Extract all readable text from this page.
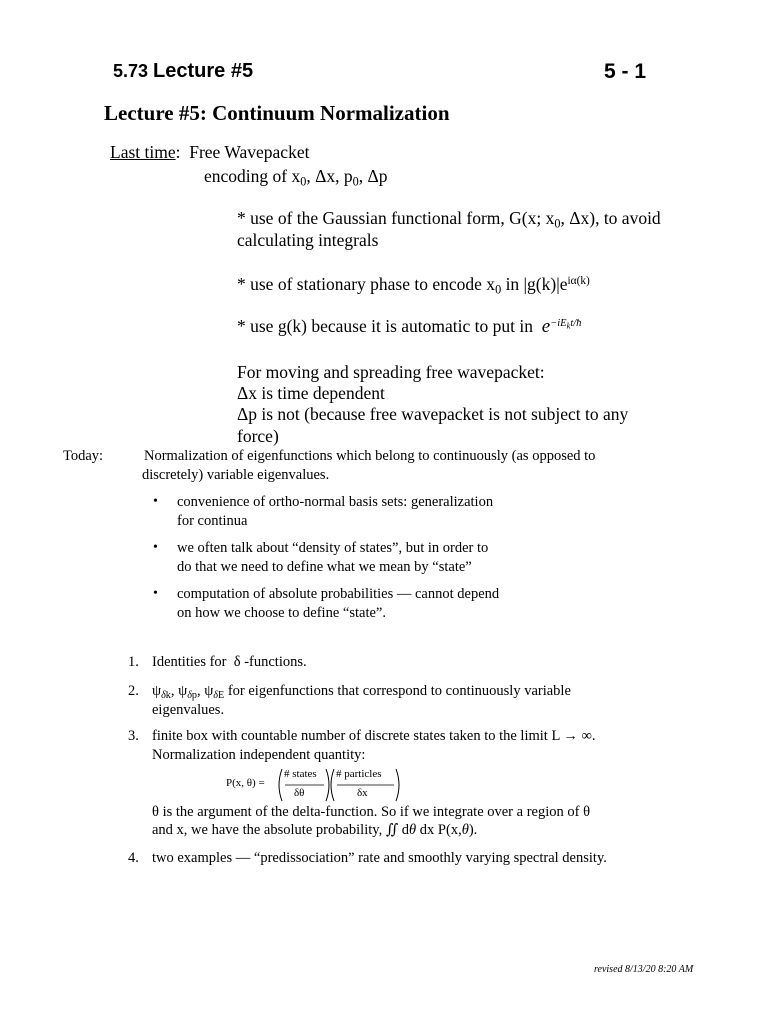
5.73 Lecture #5	5 - 1
Lecture #5: Continuum Normalization
Last time: Free Wavepacket
encoding of $x_0$, Δx, $p_0$, Δp
* use of the Gaussian functional form, G(x; $x_0$, Δx), to avoid
calculating integrals
* use of stationary phase to encode $x_0$ in $|g(k)|e^{i\alpha(k)}$
* use g(k) because it is automatic to put in $e^{-iE_kt/ħ}$
For moving and spreading free wavepacket:
Δx is time dependent
Δp is not (because free wavepacket is not subject to any
force)
Today:	Normalization of eigenfunctions which belong to continuously (as opposed to
discretely) variable eigenvalues.
• convenience of ortho-normal basis sets: generalization
for continua
• we often talk about “density of states”, but in order to
do that we need to define what we mean by “state”
• computation of absolute probabilities — cannot depend
on how we choose to define “state”.
1. Identities for  δ -functions.
2. $\psi_{\delta k}$, $\psi_{\delta p}$, $\psi_{\delta E}$ for eigenfunctions that correspond to continuously variable
eigenvalues.
3. finite box with countable number of discrete states taken to the limit L → ∞.
Normalization independent quantity:
P(x, θ) =
# states
δθ
# particles
δx
θ is the argument of the delta-function. So if we integrate over a region of θ
and x, we have the absolute probability, ∬ dθ dx P(x,θ).
4. two examples — “predissociation” rate and smoothly varying spectral density.
revised 8/13/20 8:20 AM
